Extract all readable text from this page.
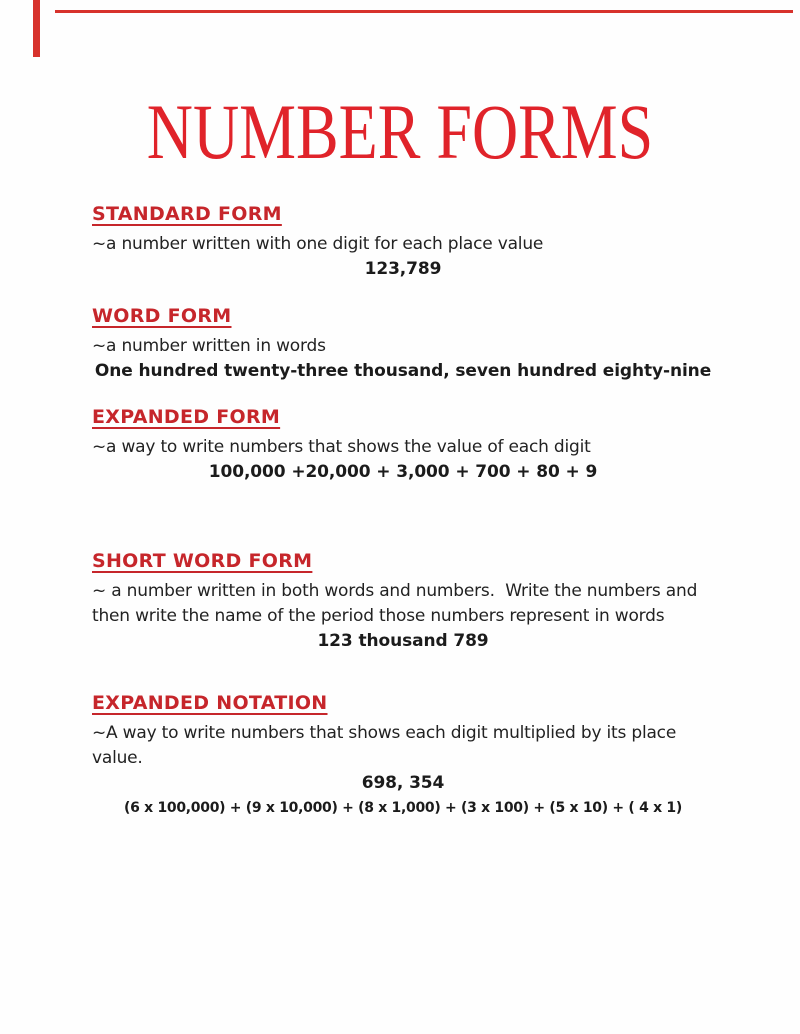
NUMBER FORMS
STANDARD FORM
~a number written with one digit for each place value
123,789
WORD FORM
~a number written in words
One hundred twenty-three thousand, seven hundred eighty-nine
EXPANDED FORM
~a way to write numbers that shows the value of each digit
100,000 +20,000 + 3,000 + 700 + 80 + 9
SHORT WORD FORM
~ a number written in both words and numbers.  Write the numbers and
then write the name of the period those numbers represent in words
123 thousand 789
EXPANDED NOTATION
~A way to write numbers that shows each digit multiplied by its place
value.
698, 354
(6 x 100,000) + (9 x 10,000) + (8 x 1,000) + (3 x 100) + (5 x 10) + ( 4 x 1)
